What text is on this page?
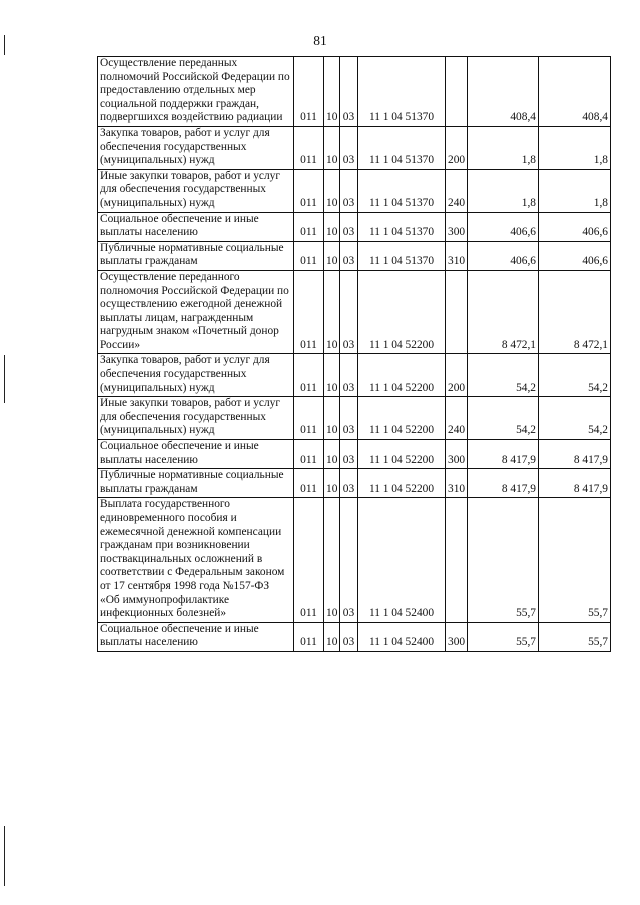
81
Осуществление переданных полномочий Российской Федерации по предоставлению отдельных мер социальной поддержки граждан, подвергшихся воздействию радиации	011	10	03	11 1 04 51370		408,4	408,4
Закупка товаров, работ и услуг для обеспечения государственных (муниципальных) нужд	011	10	03	11 1 04 51370	200	1,8	1,8
Иные закупки товаров, работ и услуг для обеспечения государственных (муниципальных) нужд	011	10	03	11 1 04 51370	240	1,8	1,8
Социальное обеспечение и иные выплаты населению	011	10	03	11 1 04 51370	300	406,6	406,6
Публичные нормативные социальные выплаты гражданам	011	10	03	11 1 04 51370	310	406,6	406,6
Осуществление переданного полномочия Российской Федерации по осуществлению ежегодной денежной выплаты лицам, награжденным нагрудным знаком «Почетный донор России»	011	10	03	11 1 04 52200		8 472,1	8 472,1
Закупка товаров, работ и услуг для обеспечения государственных (муниципальных) нужд	011	10	03	11 1 04 52200	200	54,2	54,2
Иные закупки товаров, работ и услуг для обеспечения государственных (муниципальных) нужд	011	10	03	11 1 04 52200	240	54,2	54,2
Социальное обеспечение и иные выплаты населению	011	10	03	11 1 04 52200	300	8 417,9	8 417,9
Публичные нормативные социальные выплаты гражданам	011	10	03	11 1 04 52200	310	8 417,9	8 417,9
Выплата государственного единовременного пособия и ежемесячной денежной компенсации гражданам при возникновении поствакцинальных осложнений в соответствии с Федеральным законом от 17 сентября 1998 года №157-ФЗ «Об иммунопрофилактике инфекционных болезней»	011	10	03	11 1 04 52400		55,7	55,7
Социальное обеспечение и иные выплаты населению	011	10	03	11 1 04 52400	300	55,7	55,7
